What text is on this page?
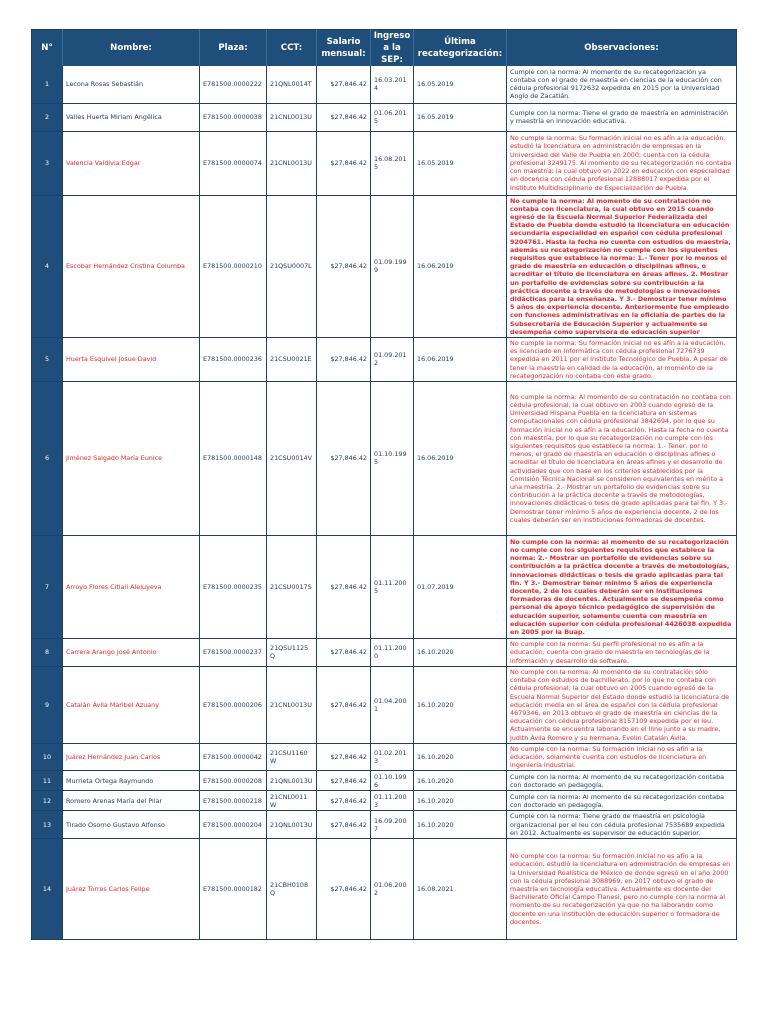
N°	Nombre:	Plaza:	CCT:	Salario mensual:	Ingreso a la SEP:	Última recategorización:	Observaciones:
1	Lecona Rosas Sebastián	E781500.0000222	21QNL0014T	$27,846.42	16.03.2014	16.05.2019	Cumple con la norma: Al momento de su recategorización ya contaba con el grado de maestría en ciencias de la educación con cédula profesional 9172632 expedida en 2015 por la Universidad Anglo de Zacatlán.
2	Valles Huerta Miriam Angélica	E781500.0000038	21CNL0013U	$27,846.42	01.06.2015	16.05.2019	Cumple con la norma: Tiene el grado de maestría en administración y maestría en innovación educativa.
3	Valencia Valdivia Edgar	E781500.0000074	21CNL0013U	$27,846.42	16.08.2015	16.05.2019	No cumple la norma: Su formación inicial no es afín a la educación, estudió la licenciatura en administración de empresas en la Universidad del Valle de Puebla en 2000; cuenta con la cédula profesional 3249175. Al momento de su recategorización no contaba con maestría; la cual obtuvo en 2022 en educación con especialidad en docencia con cédula profesional 12888017 expedida por el Instituto Multidisciplinario de Especialización de Puebla.
4	Escobar Hernández Cristina Columba	E781500.0000210	21QSU0007L	$27,846.42	01.09.1999	16.06.2019	No cumple la norma: Al momento de su contratación no contaba con licenciatura, la cual obtuvo en 2015 cuando egresó de la Escuela Normal Superior Federalizada del Estado de Puebla donde estudió la licenciatura en educación secundaria especialidad en español con cédula profesional 9204761. Hasta la fecha no cuenta con estudios de maestría, además su recategorización no cumple con los siguientes requisitos que establece la norma: 1.- Tener por lo menos el grado de maestría en educación o disciplinas afines, o acreditar el título de licenciatura en áreas afines. 2. Mostrar un portafolio de evidencias sobre su contribución a la práctica docente a través de metodologías o innovaciones didácticas para la enseñanza. Y 3.- Demostrar tener mínimo 5 años de experiencia docente. Anteriormente fue empleado con funciones administrativas en la oficialía de partes de la Subsecretaría de Educación Superior y actualmente se desempeña como supervisora de educación superior
5	Huerta Esquivel Josue David	E781500.0000236	21CSU0021E	$27,846.42	01.09.2012	16.06.2019	No cumple la norma: Su formación inicial no es afín a la educación, es licenciado en informática con cédula profesional 7276739 expedida en 2011 por el Instituto Tecnológico de Puebla. A pesar de tener la maestría en calidad de la educación, al momento de la recategorización no contaba con este grado.
6	Jiménez Salgado María Eunice	E781500.0000148	21CSU0014V	$27,846.42	01.10.1995	16.06.2019	No cumple la norma: Al momento de su contratación no contaba con cédula profesional, la cual obtuvo en 2003 cuando egresó de la Universidad Hispana Puebla en la licenciatura en sistemas computacionales con cédula profesional 3842694, por lo que su formación inicial no es afín a la educación. Hasta la fecha no cuenta con maestría, por lo que su recategorización no cumple con los siguientes requisitos que establece la norma: 1.- Tener, por lo menos, el grado de maestría en educación o disciplinas afines o acreditar el título de licenciatura en áreas afines y el desarrollo de actividades que con base en los criterios establecidos por la Comisión Técnica Nacional se consideren equivalentes en mérito a una maestría. 2.- Mostrar un portafolio de evidencias sobre su contribución a la práctica docente a través de metodologías, innovaciones didácticas o tesis de grado aplicadas para tal fin. Y 3.- Demostrar tener mínimo 5 años de experiencia docente, 2 de los cuales deberán ser en instituciones formadoras de docentes.
7	Arroyo Flores Citlali Aleluyeva	E781500.0000235	21CSU0017S	$27,846.42	01.11.2005	01.07.2019	No cumple con la norma: al momento de su recategorización no cumple con los siguientes requisitos que establece la norma: 2.- Mostrar un portafolio de evidencias sobre su contribución a la práctica docente a través de metodologías, innovaciones didácticas o tesis de grado aplicadas para tal fin. Y 3.- Demostrar tener mínimo 5 años de experiencia docente, 2 de los cuales deberán ser en instituciones formadoras de docentes. Actualmente se desempeña como personal de apoyo técnico pedagógico de supervisión de educación superior, solamente cuenta con maestría en educación superior con cédula profesional 4426038 expedida en 2005 por la Buap.
8	Carrera Arango José Antonio	E781500.0000237	21QSU1125Q	$27,846.42	01.11.2000	16.10.2020	No cumple con la norma: Su perfil profesional no es afín a la educación, cuenta con grado de maestría en tecnologías de la información y desarrollo de software.
9	Catalán Ávila Maribel Azuany	E781500.0000206	21CNL0013U	$27,846.42	01.04.2001	16.10.2020	No cumple con la norma: Al momento de su contratación sólo contaba con estudios de bachillerato, por lo que no contaba con cédula profesional, la cual obtuvo en 2005 cuando egresó de la Escuela Normal Superior del Estado donde estudió la licenciatura de educación media en el área de español con la cédula profesional 4679346, en 2013 obtuvo el grado de maestría en ciencias de la educación con cédula profesional 8157109 expedida por el Ieu. Actualmente se encuentra laborando en el Iline junto a su madre, Judith Ávila Romero y su hermana, Evelin Catalán Ávila.
10	Juárez Hernández Juan Carlos	E781500.0000042	21CSU1160W	$27,846.42	01.02.2013	16.10.2020	No cumple con la norma: Su formación inicial no es afín a la educación, solamente cuenta con estudios de licenciatura en ingeniería industrial.
11	Murrieta Ortega Raymundo	E781500.0000208	21QNL0013U	$27,846.42	01.10.1996	16.10.2020	Cumple con la norma: Al momento de su recategorización contaba con doctorado en pedagogía.
12	Romero Arenas María del Pilar	E781500.0000218	21CNL0011W	$27,846.42	01.11.2003	16.10.2020	Cumple con la norma: Al momento de su recategorización contaba con doctorado en pedagogía.
13	Tirado Osorno Gustavo Alfonso	E781500.0000204	21QNL0013U	$27,846.42	16.09.2007	16.10.2020	Cumple con la norma: Tiene grado de maestría en psicología organizacional por el Ieu con cédula profesional 7535689 expedida en 2012. Actualmente es supervisor de educación superior.
14	Juárez Torres Carlos Felipe	E781500.0000182	21CBH0108Q	$27,846.42	01.06.2002	16.08.2021	No cumple con la norma: Su formación inicial no es afín a la educación, estudió la licenciatura en administración de empresas en la Universidad Realística de México de donde egresó en el año 2000 con la cédula profesional 3088969, en 2017 obtuvo el grado de maestría en tecnología educativa. Actualmente es docente del Bachillerato Oficial Campo Tlanesi, pero no cumple con la norma al momento de su recategorización ya que no ha laborando como docente en una institución de educación superior o formadora de docentes.
